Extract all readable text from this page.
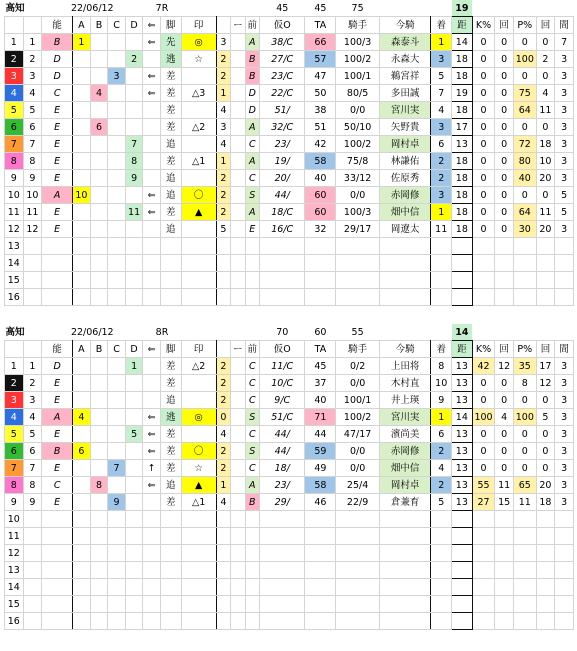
高知		22/06/12					7R						45	45	75			19					
		能	A	B	C	D	⇐	脚	印		ー	前	仮O	TA	騎手	今騎	着	距	K%	回	P%	回	間
1	1	B	1				⇐	先	◎	3		A	38/C	66	100/3	森泰斗	1	14	0	0	0	0	7
2	2	D				2		逃	☆	2		B	27/C	57	100/2	永森大	3	18	0	0	100	2	3
3	3	D			3		⇐	差		2		B	23/C	47	100/1	鵜宮祥	5	18	0	0	0	0	3
4	4	C		4			⇐	差	△3	1		D	22/C	50	80/5	多田誠	7	19	0	0	75	4	3
5	5	E						差		4		D	51/	38	0/0	宮川実	4	18	0	0	64	11	3
6	6	E		6				差	△2	3		A	32/C	51	50/10	矢野貴	3	17	0	0	0	0	3
7	7	E				7		追		4		C	23/	42	100/2	岡村卓	6	13	0	0	72	18	3
8	8	E				8		差	△1	1		A	19/	58	75/8	林謙佑	2	18	0	0	80	10	3
9	9	E				9		追		2		C	20/	40	33/12	佐原秀	2	18	0	0	40	20	3
10	10	A	10				⇐	追	〇	2		S	44/	60	0/0	赤岡修	3	18	0	0	0	0	5
11	11	E				11	⇐	差	▲	2		A	18/C	60	100/3	畑中信	1	18	0	0	64	11	5
12	12	E						追		5		E	16/C	32	29/17	岡遼太	11	18	0	0	30	20	3
13																							
14																							
15																							
16																							
高知		22/06/12					8R						70	60	55			14					
		能	A	B	C	D	⇐	脚	印		ー	前	仮O	TA	騎手	今騎	着	距	K%	回	P%	回	間
1	1	D				1		差	△2	2		C	11/C	45	0/2	上田将	8	13	42	12	35	17	3
2	2	E						差		2		C	10/C	37	0/0	木村直	10	13	0	0	8	12	3
3	3	E						追		2		C	9/C	40	100/1	井上瑛	9	13	0	0	0	0	3
4	4	A	4				⇐	逃	◎	0		S	51/C	71	100/2	宮川実	1	14	100	4	100	5	3
5	5	E				5	⇐	差		4		C	44/	44	47/17	濱尚美	6	13	0	0	0	0	3
6	6	B	6				⇐	差	〇	2		S	44/	59	0/0	赤岡修	2	13	0	0	0	0	3
7	7	E			7		↑	差	☆	2		C	18/	49	0/0	畑中信	4	13	0	0	0	0	3
8	8	C		8			⇐	追	▲	1		A	23/	58	25/4	岡村卓	2	13	55	11	65	20	3
9	9	E			9			差	△1	4		B	29/	46	22/9	倉兼育	5	13	27	15	11	18	3
10																							
11																							
12																							
13																							
14																							
15																							
16																							
